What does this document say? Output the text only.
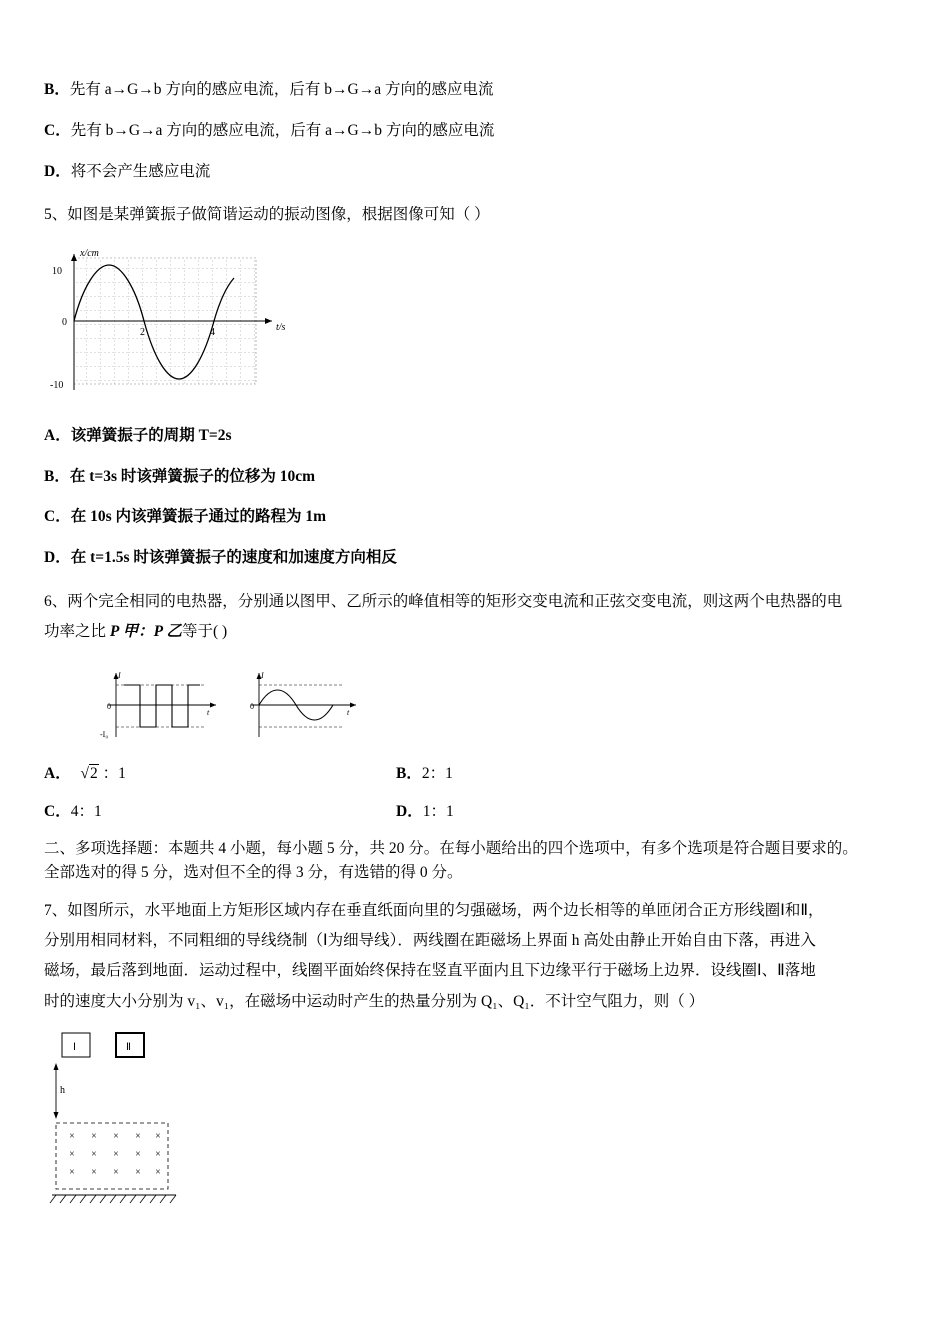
B．先有 a→G→b 方向的感应电流，后有 b→G→a 方向的感应电流
C．先有 b→G→a 方向的感应电流，后有 a→G→b 方向的感应电流
D．将不会产生感应电流
5、如图是某弹簧振子做简谐运动的振动图像，根据图像可知（ ）
10
0
-10
2	4
x/cm
t/s
A．该弹簧振子的周期 T=2s
B．在 t=3s 时该弹簧振子的位移为 10cm
C．在 10s 内该弹簧振子通过的路程为 1m
D．在 t=1.5s 时该弹簧振子的速度和加速度方向相反
6、两个完全相同的电热器，分别通以图甲、乙所示的峰值相等的矩形交变电流和正弦交变电流，则这两个电热器的电
功率之比 P 甲：P 乙等于( )
I
0
-I₀
t
I
0
t
A．  √2 ：1	B．2：1
C．4：1	D．1：1
二、多项选择题：本题共 4 小题，每小题 5 分，共 20 分。在每小题给出的四个选项中，有多个选项是符合题目要求的。
全部选对的得 5 分，选对但不全的得 3 分，有选错的得 0 分。
7、如图所示，水平地面上方矩形区域内存在垂直纸面向里的匀强磁场，两个边长相等的单匝闭合正方形线圈Ⅰ和Ⅱ，
分别用相同材料，不同粗细的导线绕制（Ⅰ为细导线）．两线圈在距磁场上界面 h 高处由静止开始自由下落，再进入
磁场，最后落到地面．运动过程中，线圈平面始终保持在竖直平面内且下边缘平行于磁场上边界．设线圈Ⅰ、Ⅱ落地
时的速度大小分别为 v₁、v₁，在磁场中运动时产生的热量分别为 Q₁、Q₁．不计空气阻力，则（ ）
Ⅰ	Ⅱ
h
× × × × ×
× × × × ×
× × × × ×
